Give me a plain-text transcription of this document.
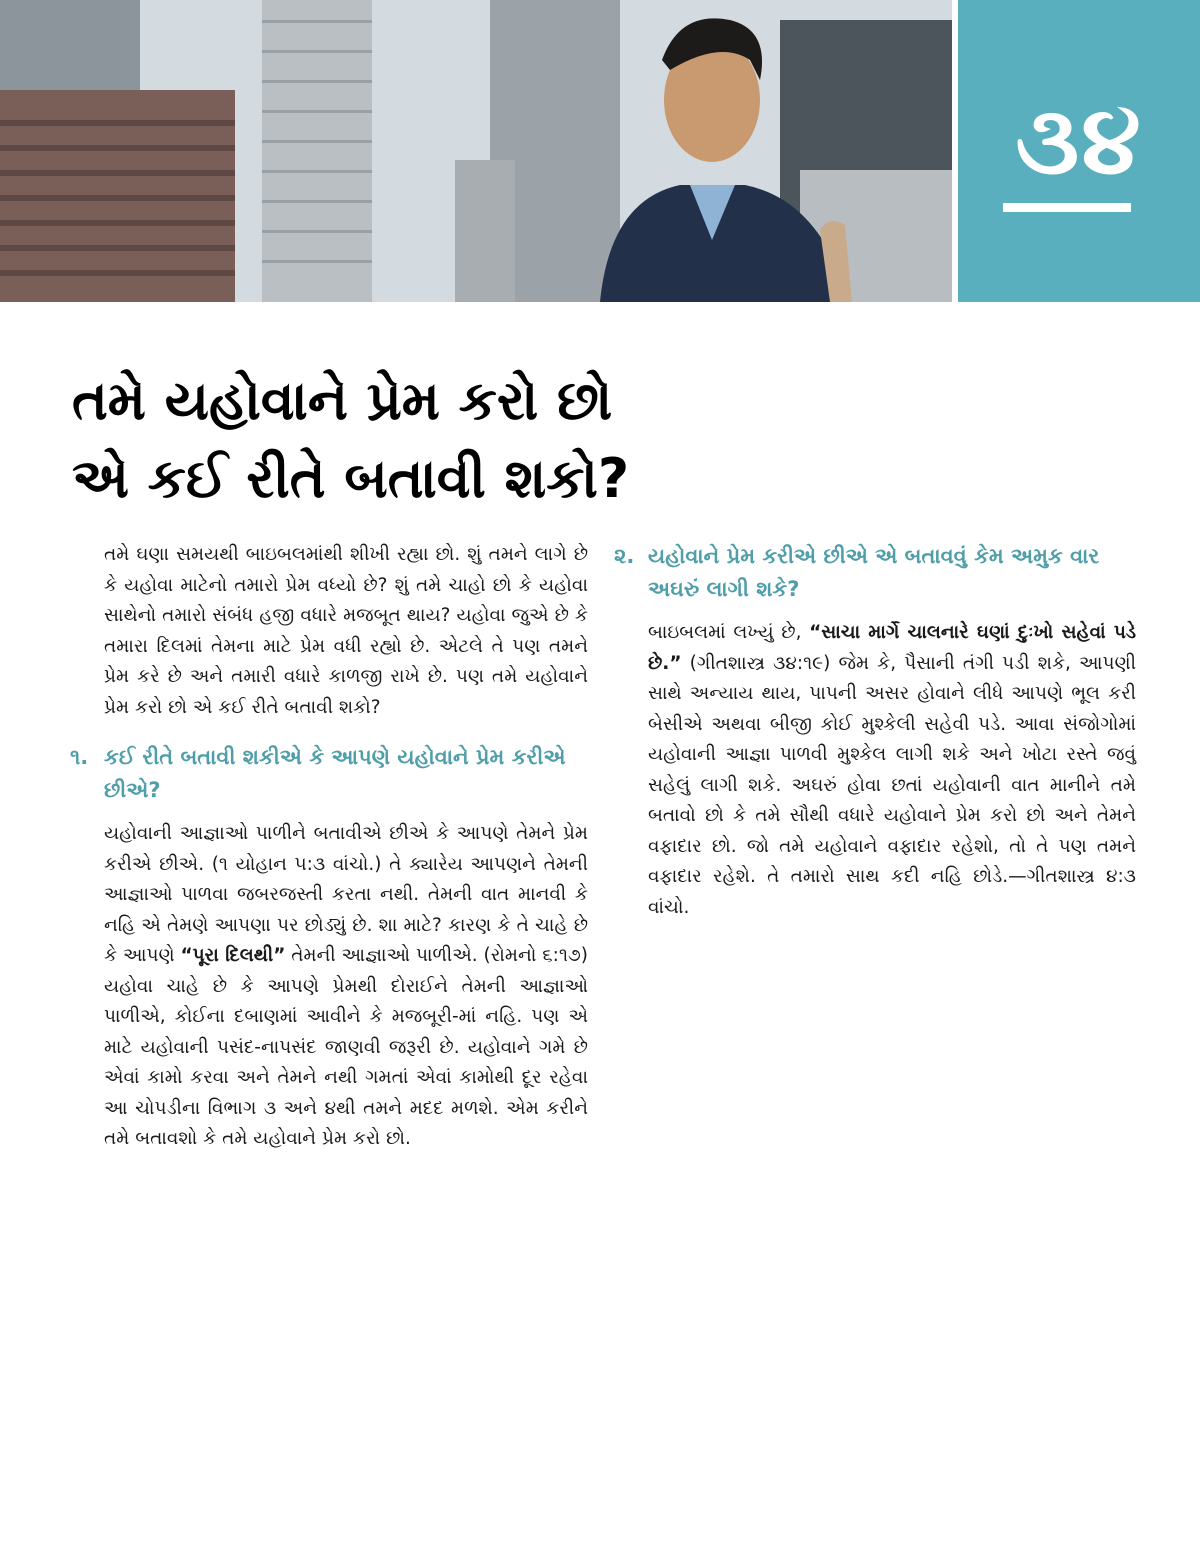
૩૪
તમે યહોવાને પ્રેમ કરો છો
એ કઈ રીતે બતાવી શકો?

તમે ઘણા સમયથી બાઇબલમાંથી શીખી રહ્યા છો. શું તમને લાગે છે કે યહોવા માટેનો તમારો પ્રેમ વધ્યો છે? શું તમે ચાહો છો કે યહોવા સાથેનો તમારો સંબંધ હજી વધારે મજબૂત થાય? યહોવા જુએ છે કે તમારા દિલમાં તેમના માટે પ્રેમ વધી રહ્યો છે. એટલે તે પણ તમને પ્રેમ કરે છે અને તમારી વધારે કાળજી રાખે છે. પણ તમે યહોવાને પ્રેમ કરો છો એ કઈ રીતે બતાવી શકો?

૧. કઈ રીતે બતાવી શકીએ કે આપણે યહોવાને પ્રેમ કરીએ છીએ?

યહોવાની આજ્ઞાઓ પાળીને બતાવીએ છીએ કે આપણે તેમને પ્રેમ કરીએ છીએ. (૧ યોહાન ૫:૩ વાંચો.) તે ક્યારેય આપણને તેમની આજ્ઞાઓ પાળવા જબરજસ્તી કરતા નથી. તેમની વાત માનવી કે નહિ એ તેમણે આપણા પર છોડ્યું છે. શા માટે? કારણ કે તે ચાહે છે કે આપણે “પૂરા દિલથી” તેમની આજ્ઞાઓ પાળીએ. (રોમનો ૬:૧૭) યહોવા ચાહે છે કે આપણે પ્રેમથી દોરાઈને તેમની આજ્ઞાઓ પાળીએ, કોઈના દબાણમાં આવીને કે મજબૂરી-માં નહિ. પણ એ માટે યહોવાની પસંદ-નાપસંદ જાણવી જરૂરી છે. યહોવાને ગમે છે એવાં કામો કરવા અને તેમને નથી ગમતાં એવાં કામોથી દૂર રહેવા આ ચોપડીના વિભાગ ૩ અને ૪થી તમને મદદ મળશે. એમ કરીને તમે બતાવશો કે તમે યહોવાને પ્રેમ કરો છો.

૨. યહોવાને પ્રેમ કરીએ છીએ એ બતાવવું કેમ અમુક વાર અઘરું લાગી શકે?

બાઇબલમાં લખ્યું છે, “સાચા માર્ગે ચાલનારે ઘણાં દુઃખો સહેવાં પડે છે.” (ગીતશાસ્ત્ર ૩૪:૧૯) જેમ કે, પૈસાની તંગી પડી શકે, આપણી સાથે અન્યાય થાય, પાપની અસર હોવાને લીધે આપણે ભૂલ કરી બેસીએ અથવા બીજી કોઈ મુશ્કેલી સહેવી પડે. આવા સંજોગોમાં યહોવાની આજ્ઞા પાળવી મુશ્કેલ લાગી શકે અને ખોટા રસ્તે જવું સહેલું લાગી શકે. અઘરું હોવા છતાં યહોવાની વાત માનીને તમે બતાવો છો કે તમે સૌથી વધારે યહોવાને પ્રેમ કરો છો અને તેમને વફાદાર છો. જો તમે યહોવાને વફાદાર રહેશો, તો તે પણ તમને વફાદાર રહેશે. તે તમારો સાથ કદી નહિ છોડે.—ગીતશાસ્ત્ર ૪:૩ વાંચો.
